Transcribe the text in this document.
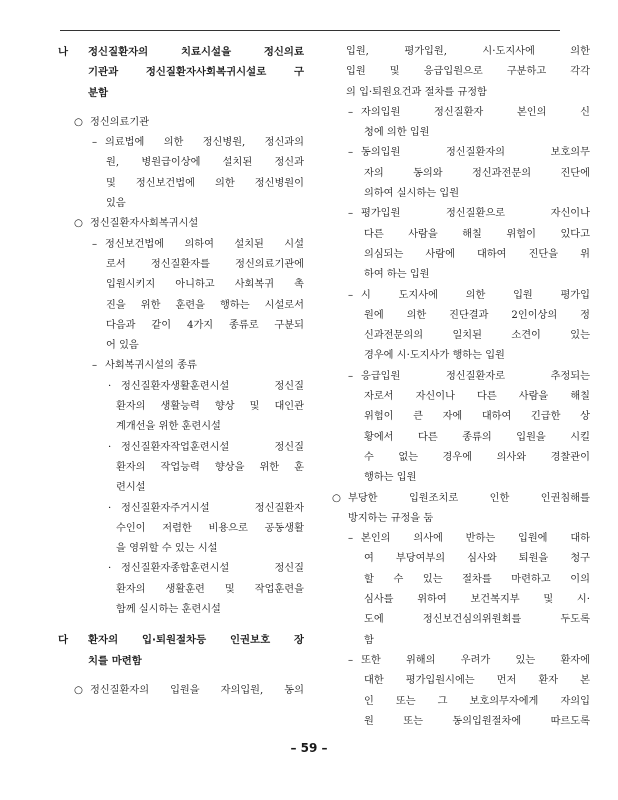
나	정신질환자의	치료시설을	정신의료
기관과	정신질환자사회복귀시설로	구
분함
○ 정신의료기관
– 의료법에 의한 정신병원, 정신과의
원, 병원급이상에 설치된 정신과
및 정신보건법에 의한 정신병원이
있음
○ 정신질환자사회복귀시설
– 정신보건법에 의하여 설치된 시설
로서 정신질환자를 정신의료기관에
입원시키지 아니하고 사회복귀 촉
진을 위한 훈련을 행하는 시설로서
다음과 같이 4가지 종류로 구분되
어 있음
– 사회복귀시설의 종류
· 정신질환자생활훈련시설	정신질
환자의 생활능력 향상 및 대인관
계개선을 위한 훈련시설
· 정신질환자작업훈련시설	정신질
환자의 작업능력 향상을 위한 훈
련시설
· 정신질환자주거시설	정신질환자
수인이 저렴한 비용으로 공동생활
을 영위할 수 있는 시설
· 정신질환자종합훈련시설	정신질
환자의 생활훈련 및 작업훈련을
함께 실시하는 훈련시설
다	환자의 입·퇴원절차등 인권보호 장
치를 마련함
○ 정신질환자의 입원을 자의입원, 동의
입원,	평가입원,	시·도지사에	의한
입원 및 응급입원으로 구분하고 각각
의 입·퇴원요건과 절차를 규정함
– 자의입원	정신질환자	본인의	신
청에 의한 입원
– 동의입원	정신질환자의	보호의무
자의	동의와	정신과전문의	진단에
의하여 실시하는 입원
– 평가입원	정신질환으로	자신이나
다른 사람을 해칠 위험이 있다고
의심되는 사람에 대하여 진단을 위
하여 하는 입원
– 시	도지사에	의한	입원	평가입
원에 의한 진단결과 2인이상의 정
신과전문의의	일치된	소견이	있는
경우에 시·도지사가 행하는 입원
– 응급입원	정신질환자로	추정되는
자로서 자신이나 다른 사람을 해칠
위험이 큰 자에 대하여 긴급한 상
황에서 다른 종류의 입원을 시킬
수 없는 경우에 의사와 경찰관이
행하는 입원
○ 부당한	입원조치로	인한	인권침해를
방지하는 규정을 둠
– 본인의 의사에 반하는 입원에 대하
여 부당여부의 심사와 퇴원을 청구
할 수 있는 절차를 마련하고 이의
심사를 위하여 보건복지부 및 시·
도에	정신보건심의위원회를	두도록
함
– 또한 위해의 우려가 있는 환자에
대한 평가입원시에는 먼저 환자 본
인 또는 그 보호의무자에게 자의입
원	또는	동의입원절차에	따르도록
– 59 –
